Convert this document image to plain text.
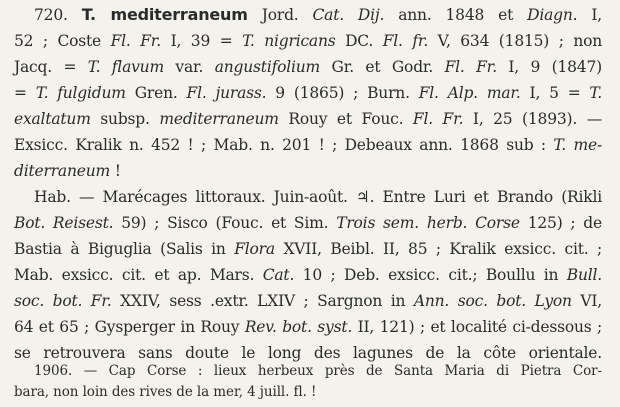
720. T. mediterraneum Jord. Cat. Dij. ann. 1848 et Diagn. I,

52 ; Coste Fl. Fr. I, 39 = T. nigricans DC. Fl. fr. V, 634 (1815) ; non

Jacq. = T. flavum var. angustifolium Gr. et Godr. Fl. Fr. I, 9 (1847)

= T. fulgidum Gren. Fl. jurass. 9 (1865) ; Burn. Fl. Alp. mar. I, 5 = T.

exaltatum subsp. mediterraneum Rouy et Fouc. Fl. Fr. I, 25 (1893). —

Exsicc. Kralik n. 452 ! ; Mab. n. 201 ! ; Debeaux ann. 1868 sub : T. me-

diterraneum !

Hab. — Marécages littoraux. Juin-août. ♃. Entre Luri et Brando (Rikli

Bot. Reisest. 59) ; Sisco (Fouc. et Sim. Trois sem. herb. Corse 125) ; de

Bastia à Biguglia (Salis in Flora XVII, Beibl. II, 85 ; Kralik exsicc. cit. ;

Mab. exsicc. cit. et ap. Mars. Cat. 10 ; Deb. exsicc. cit.; Boullu in Bull.

soc. bot. Fr. XXIV, sess .extr. LXIV ; Sargnon in Ann. soc. bot. Lyon VI,

64 et 65 ; Gysperger in Rouy Rev. bot. syst. II, 121) ; et localité ci-dessous ;

se retrouvera sans doute le long des lagunes de la côte orientale.

1906. — Cap Corse : lieux herbeux près de Santa Maria di Pietra Cor-

bara, non loin des rives de la mer, 4 juill. fl. !
